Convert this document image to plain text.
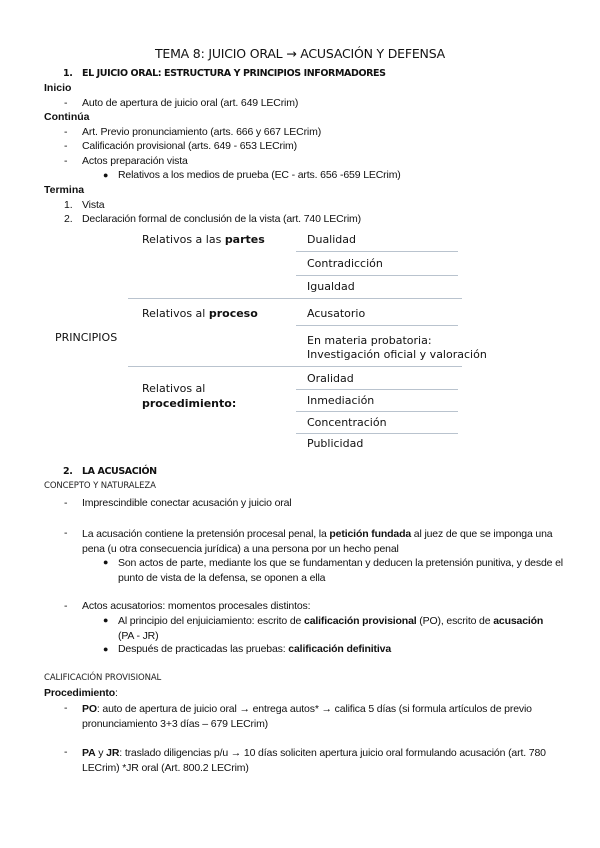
TEMA 8: JUICIO ORAL → ACUSACIÓN Y DEFENSA
1. EL JUICIO ORAL: ESTRUCTURA Y PRINCIPIOS INFORMADORES
Inicio
- Auto de apertura de juicio oral (art. 649 LECrim)
Continúa
- Art. Previo pronunciamiento (arts. 666 y 667 LECrim)
- Calificación provisional (arts. 649 - 653 LECrim)
- Actos preparación vista
● Relativos a los medios de prueba (EC - arts. 656 -659 LECrim)
Termina
1. Vista
2. Declaración formal de conclusión de la vista (art. 740 LECrim)
PRINCIPIOS
Relativos a las partes	Dualidad
Contradicción
Igualdad
Relativos al proceso	Acusatorio
En materia probatoria:
Investigación oficial y valoración
Relativos al
procedimiento:
Oralidad
Inmediación
Concentración
Publicidad
2. LA ACUSACIÓN
CONCEPTO Y NATURALEZA
- Imprescindible conectar acusación y juicio oral
- La acusación contiene la pretensión procesal penal, la petición fundada al juez de que se imponga una pena (u otra consecuencia jurídica) a una persona por un hecho penal
● Son actos de parte, mediante los que se fundamentan y deducen la pretensión punitiva, y desde el punto de vista de la defensa, se oponen a ella
- Actos acusatorios: momentos procesales distintos:
● Al principio del enjuiciamiento: escrito de calificación provisional (PO), escrito de acusación (PA - JR)
● Después de practicadas las pruebas: calificación definitiva
CALIFICACIÓN PROVISIONAL
Procedimiento:
- PO: auto de apertura de juicio oral → entrega autos* → califica 5 días (si formula artículos de previo pronunciamiento 3+3 días – 679 LECrim)
- PA y JR: traslado diligencias p/u → 10 días soliciten apertura juicio oral formulando acusación (art. 780 LECrim) *JR oral (Art. 800.2 LECrim)
